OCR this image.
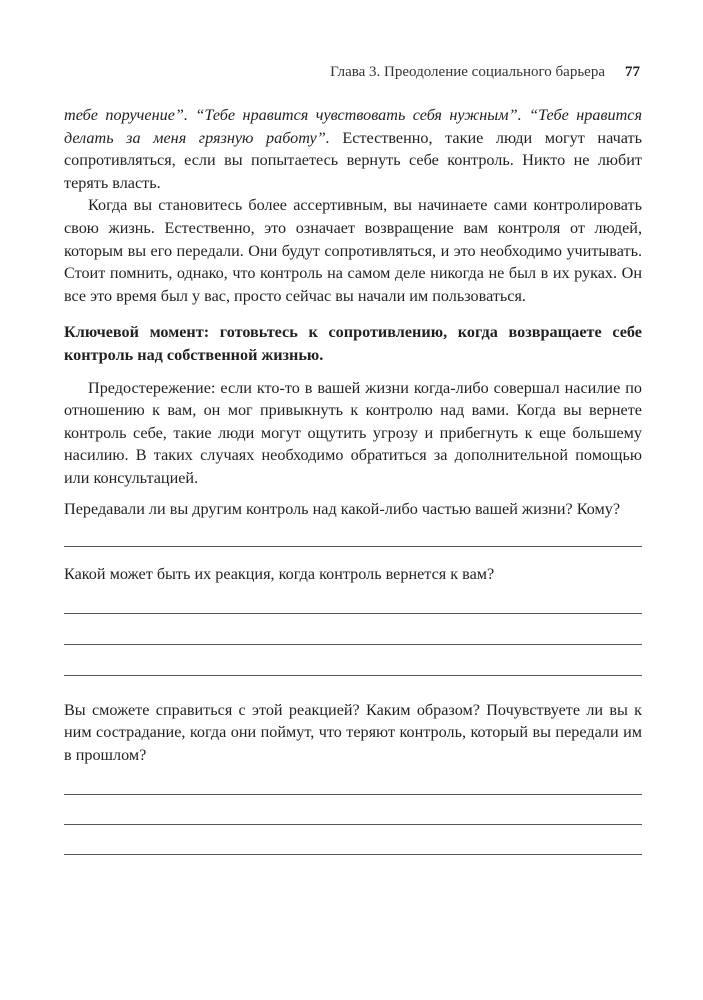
Глава 3. Преодоление социального барьера 77

тебе поручение”. “Тебе нравится чувствовать себя нужным”. “Тебе нравится делать за меня грязную работу”. Естественно, такие люди могут начать сопротивляться, если вы попытаетесь вернуть себе контроль. Никто не любит терять власть.

Когда вы становитесь более ассертивным, вы начинаете сами контролировать свою жизнь. Естественно, это означает возвращение вам контроля от людей, которым вы его передали. Они будут сопротивляться, и это необходимо учитывать. Стоит помнить, однако, что контроль на самом деле никогда не был в их руках. Он все это время был у вас, просто сейчас вы начали им пользоваться.

Ключевой момент: готовьтесь к сопротивлению, когда возвращаете себе контроль над собственной жизнью.

Предостережение: если кто-то в вашей жизни когда-либо совершал насилие по отношению к вам, он мог привыкнуть к контролю над вами. Когда вы вернете контроль себе, такие люди могут ощутить угрозу и прибегнуть к еще большему насилию. В таких случаях необходимо обратиться за дополнительной помощью или консультацией.

Передавали ли вы другим контроль над какой-либо частью вашей жизни? Кому?

Какой может быть их реакция, когда контроль вернется к вам?

Вы сможете справиться с этой реакцией? Каким образом? Почувствуете ли вы к ним сострадание, когда они поймут, что теряют контроль, который вы передали им в прошлом?
